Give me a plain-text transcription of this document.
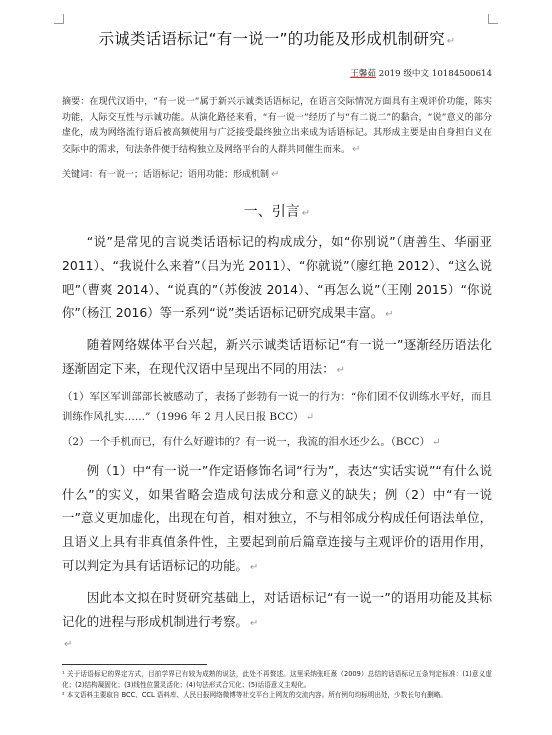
示诚类话语标记“有一说一”的功能及形成机制研究 ↵
王馨茹 2019 级中文 10184500614
摘要：在现代汉语中，“有一说一”属于新兴示诚类话语标记，在语言交际情况方面具有主观评价功能，陈实功能，人际交互性与示诚功能。从演化路径来看，“有一说一”经历了与“有二说二”的黏合，“说”意义的部分虚化，成为网络流行语后被高频使用与广泛接受最终独立出来成为话语标记。其形成主要是由自身担白义在交际中的需求，句法条件便于结构独立及网络平台的人群共同催生而来。 ↵
关键词：有一说一；话语标记；语用功能；形成机制 ↵
一、引言 ↵

“说”是常见的言说类话语标记的构成成分，如“你别说”（唐善生、华丽亚 2011）、“我说什么来着”（吕为光 2011）、“你就说”（廖红艳 2012）、“这么说吧”（曹爽 2014）、“说真的”（苏俊波 2014）、“再怎么说”（王刚 2015）“你说你”（杨江 2016）等一系列“说”类话语标记研究成果丰富。 ↵

随着网络媒体平台兴起，新兴示诚类话语标记“有一说一”逐渐经历语法化逐渐固定下来，在现代汉语中呈现出不同的用法： ↵

（1）军区军训部部长被感动了，表扬了彭勃有一说一的行为：“你们团不仅训练水平好，而且训练作风扎实……”（1996 年 2 月人民日报 BCC） ↵

（2）一个手机而已，有什么好避讳的？有一说一，我流的泪水还少么。（BCC） ↵

例（1）中“有一说一”作定语修饰名词“行为”，表达“实话实说”“有什么说什么”的实义，如果省略会造成句法成分和意义的缺失；例（2）中“有一说一”意义更加虚化，出现在句首，相对独立，不与相邻成分构成任何语法单位，且语义上具有非真值条件性，主要起到前后篇章连接与主观评价的语用作用，可以判定为具有话语标记的功能。 ↵

因此本文拟在时贤研究基础上，对话语标记“有一说一”的语用功能及其标记化的进程与形成机制进行考察。 ↵

↵

¹ 关于话语标记的界定方式，目前学界已有较为成熟的说法，此处不再赘述。这里采纳张旺熹（2009）总结的话语标记五条判定标准：(1)意义虚化；(2)结构凝固化；(3)线性位置灵活化；(4)句法形式合冗化；(5)话语意义主观化。

² 本文语料主要取自 BCC、CCL 语料库、人民日报网络微博等社交平台上网友的交流内容。所有例句均标明出处，少数长句有删略。
